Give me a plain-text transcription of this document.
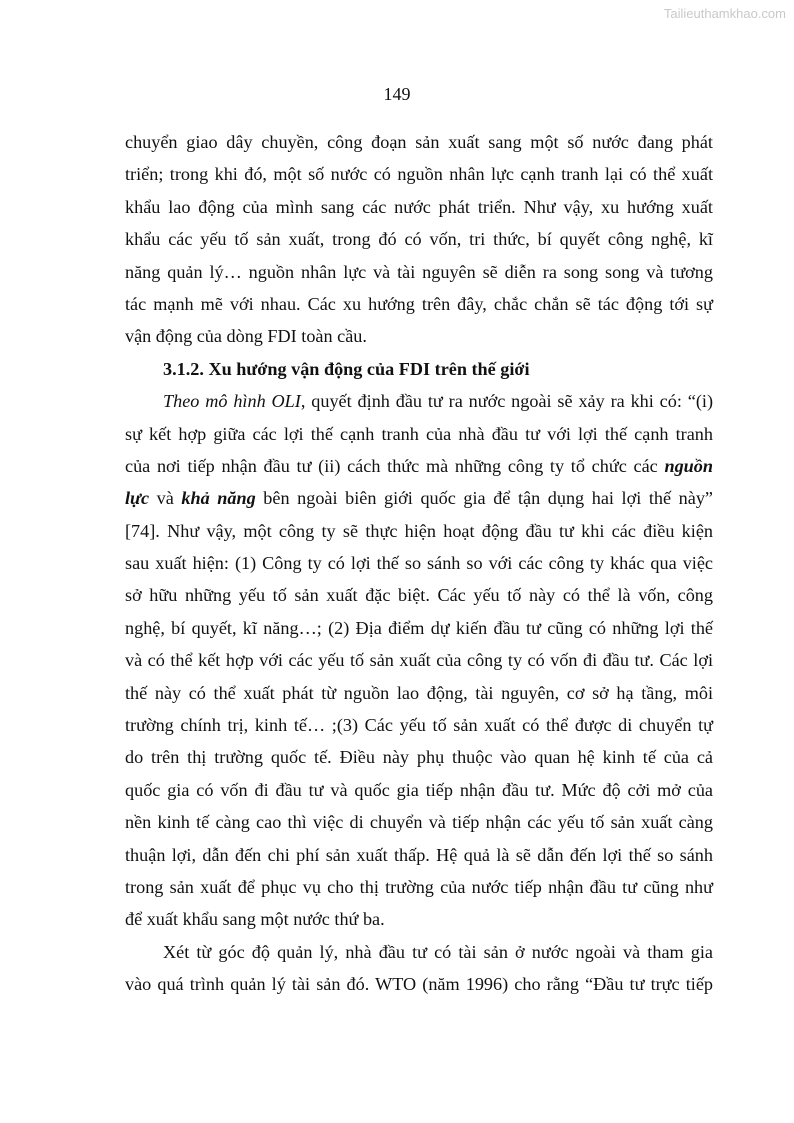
Tailieuthamkhao.com
149
chuyển giao dây chuyền, công đoạn sản xuất sang một số nước đang phát
triển; trong khi đó, một số nước có nguồn nhân lực cạnh tranh lại có thể xuất
khẩu lao động của mình sang các nước phát triển. Như vậy, xu hướng xuất
khẩu các yếu tố sản xuất, trong đó có vốn, tri thức, bí quyết công nghệ, kĩ
năng quản lý… nguồn nhân lực và tài nguyên sẽ diễn ra song song và tương
tác mạnh mẽ với nhau. Các xu hướng trên đây, chắc chắn sẽ tác động tới sự
vận động của dòng FDI toàn cầu.
3.1.2. Xu hướng vận động của FDI trên thế giới
Theo mô hình OLI, quyết định đầu tư ra nước ngoài sẽ xảy ra khi có: “(i)
sự kết hợp giữa các lợi thế cạnh tranh của nhà đầu tư với lợi thế cạnh tranh
của nơi tiếp nhận đầu tư (ii) cách thức mà những công ty tổ chức các nguồn
lực và khả năng bên ngoài biên giới quốc gia để tận dụng hai lợi thế này”
[74]. Như vậy, một công ty sẽ thực hiện hoạt động đầu tư khi các điều kiện
sau xuất hiện: (1) Công ty có lợi thế so sánh so với các công ty khác qua việc
sở hữu những yếu tố sản xuất đặc biệt. Các yếu tố này có thể là vốn, công
nghệ, bí quyết, kĩ năng…; (2) Địa điểm dự kiến đầu tư cũng có những lợi thế
và có thể kết hợp với các yếu tố sản xuất của công ty có vốn đi đầu tư. Các lợi
thế này có thể xuất phát từ nguồn lao động, tài nguyên, cơ sở hạ tầng, môi
trường chính trị, kinh tế… ;(3) Các yếu tố sản xuất có thể được di chuyển tự
do trên thị trường quốc tế. Điều này phụ thuộc vào quan hệ kinh tế của cả
quốc gia có vốn đi đầu tư và quốc gia tiếp nhận đầu tư. Mức độ cởi mở của
nền kinh tế càng cao thì việc di chuyển và tiếp nhận các yếu tố sản xuất càng
thuận lợi, dẫn đến chi phí sản xuất thấp. Hệ quả là sẽ dẫn đến lợi thế so sánh
trong sản xuất để phục vụ cho thị trường của nước tiếp nhận đầu tư cũng như
để xuất khẩu sang một nước thứ ba.
Xét từ góc độ quản lý, nhà đầu tư có tài sản ở nước ngoài và tham gia
vào quá trình quản lý tài sản đó. WTO (năm 1996) cho rằng “Đầu tư trực tiếp
